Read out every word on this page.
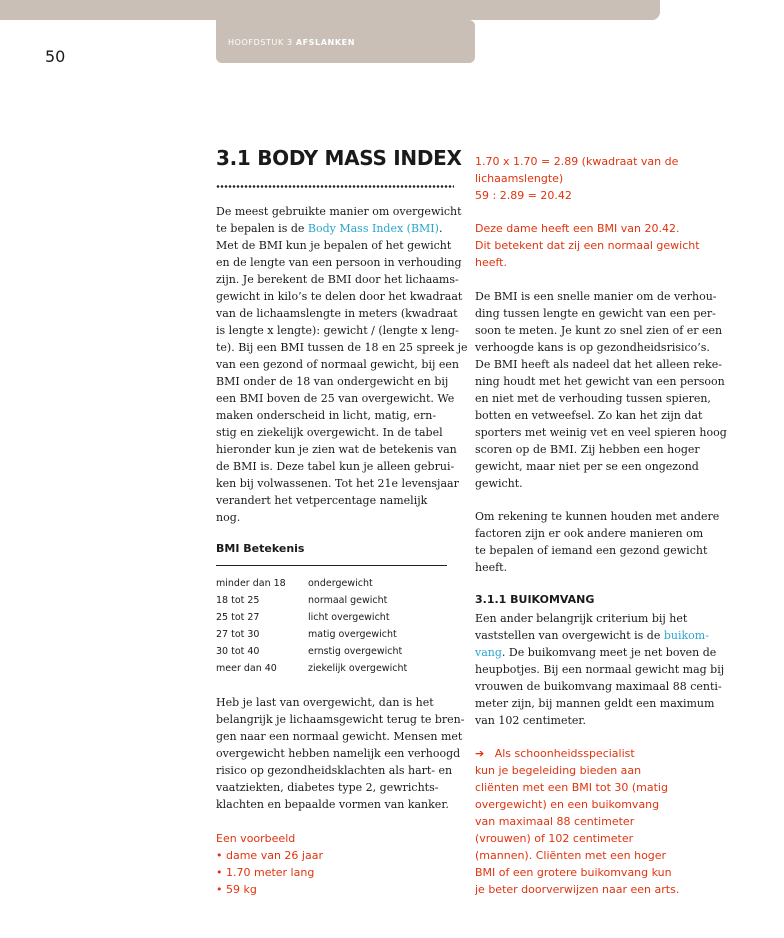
HOOFDSTUK 3 AFSLANKEN
50
3.1 BODY MASS INDEX
De meest gebruikte manier om overgewicht
te bepalen is de Body Mass Index (BMI).
Met de BMI kun je bepalen of het gewicht
en de lengte van een persoon in verhouding
zijn. Je berekent de BMI door het lichaams-
gewicht in kilo’s te delen door het kwadraat
van de lichaamslengte in meters (kwadraat
is lengte x lengte): gewicht / (lengte x leng-
te). Bij een BMI tussen de 18 en 25 spreek je
van een gezond of normaal gewicht, bij een
BMI onder de 18 van ondergewicht en bij
een BMI boven de 25 van overgewicht. We
maken onderscheid in licht, matig, ern-
stig en ziekelijk overgewicht. In de tabel
hieronder kun je zien wat de betekenis van
de BMI is. Deze tabel kun je alleen gebrui-
ken bij volwassenen. Tot het 21e levensjaar
verandert het vetpercentage namelijk
nog.
BMI Betekenis
minder dan 18 ondergewicht
18 tot 25	normaal gewicht
25 tot 27	licht overgewicht
27 tot 30	matig overgewicht
30 tot 40	ernstig overgewicht
meer dan 40	ziekelijk overgewicht
Heb je last van overgewicht, dan is het
belangrijk je lichaamsgewicht terug te bren-
gen naar een normaal gewicht. Mensen met
overgewicht hebben namelijk een verhoogd
risico op gezondheidsklachten als hart- en
vaatziekten, diabetes type 2, gewrichts-
klachten en bepaalde vormen van kanker.
Een voorbeeld
• dame van 26 jaar
• 1.70 meter lang
• 59 kg
1.70 x 1.70 = 2.89 (kwadraat van de
lichaamslengte)
59 : 2.89 = 20.42
Deze dame heeft een BMI van 20.42.
Dit betekent dat zij een normaal gewicht
heeft.
De BMI is een snelle manier om de verhou-
ding tussen lengte en gewicht van een per-
soon te meten. Je kunt zo snel zien of er een
verhoogde kans is op gezondheidsrisico’s.
De BMI heeft als nadeel dat het alleen reke-
ning houdt met het gewicht van een persoon
en niet met de verhouding tussen spieren,
botten en vetweefsel. Zo kan het zijn dat
sporters met weinig vet en veel spieren hoog
scoren op de BMI. Zij hebben een hoger
gewicht, maar niet per se een ongezond
gewicht.
Om rekening te kunnen houden met andere
factoren zijn er ook andere manieren om
te bepalen of iemand een gezond gewicht
heeft.
3.1.1 BUIKOMVANG
Een ander belangrijk criterium bij het
vaststellen van overgewicht is de buikom-
vang. De buikomvang meet je net boven de
heupbotjes. Bij een normaal gewicht mag bij
vrouwen de buikomvang maximaal 88 centi-
meter zijn, bij mannen geldt een maximum
van 102 centimeter.
➔ Als schoonheidsspecialist
kun je begeleiding bieden aan
cliënten met een BMI tot 30 (matig
overgewicht) en een buikomvang
van maximaal 88 centimeter
(vrouwen) of 102 centimeter
(mannen). Cliënten met een hoger
BMI of een grotere buikomvang kun
je beter doorverwijzen naar een arts.
